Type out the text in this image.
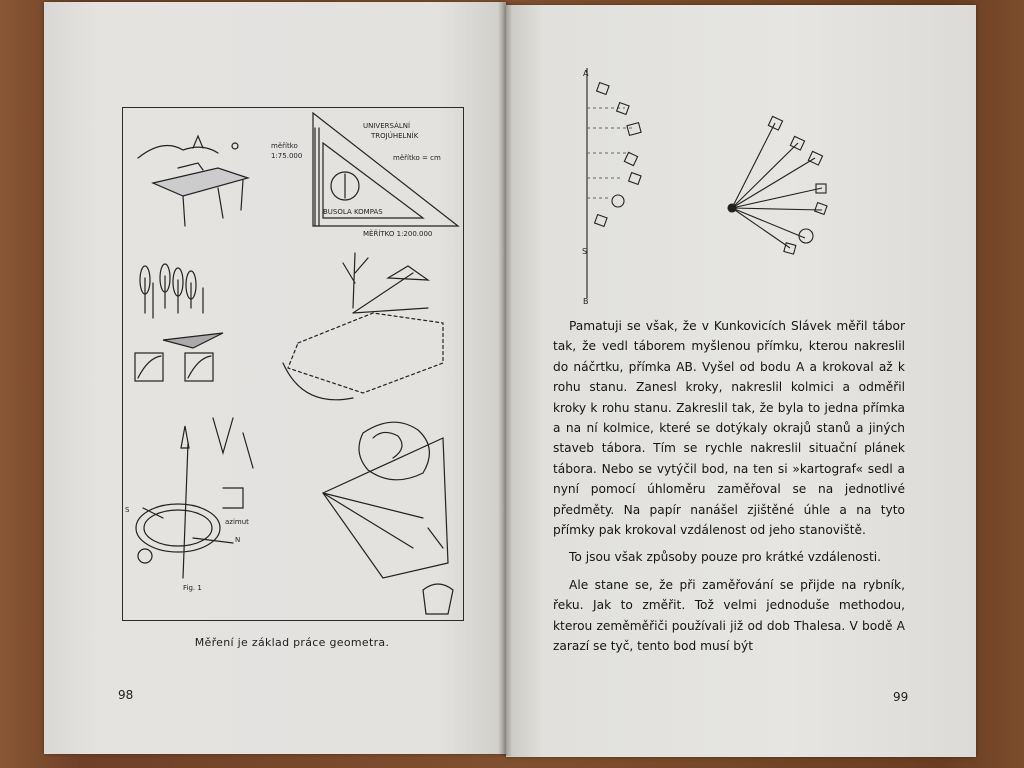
UNIVERSÁLNÍ
TROJÚHELNÍK
měřítko
1:75.000	měřítko = cm
MĚŘÍTKO 1:200.000
BUSOLA KOMPAS
azimut
N
S
Fig. 1
Měření je základ práce geometra.
98
A
S
B

Pamatuji se však, že v Kunkovicích Slávek měřil tábor tak, že vedl táborem myšlenou přímku, kterou nakreslil do náčrtku, přímka AB. Vyšel od bodu A a krokoval až k rohu stanu. Zanesl kroky, nakreslil kolmici a odměřil kroky k rohu stanu. Zakreslil tak, že byla to jedna přímka a na ní kolmice, které se dotýkaly okrajů stanů a jiných staveb tábora. Tím se rychle nakreslil situační plánek tábora. Nebo se vytýčil bod, na ten si »kartograf« sedl a nyní pomocí úhloměru zaměřoval se na jednotlivé předměty. Na papír nanášel zjištěné úhle a na tyto přímky pak krokoval vzdálenost od jeho stanoviště.

To jsou však způsoby pouze pro krátké vzdálenosti.

Ale stane se, že při zaměřování se přijde na rybník, řeku. Jak to změřit. Tož velmi jednoduše methodou, kterou zeměměřiči používali již od dob Thalesa. V bodě A zarazí se tyč, tento bod musí být

99
